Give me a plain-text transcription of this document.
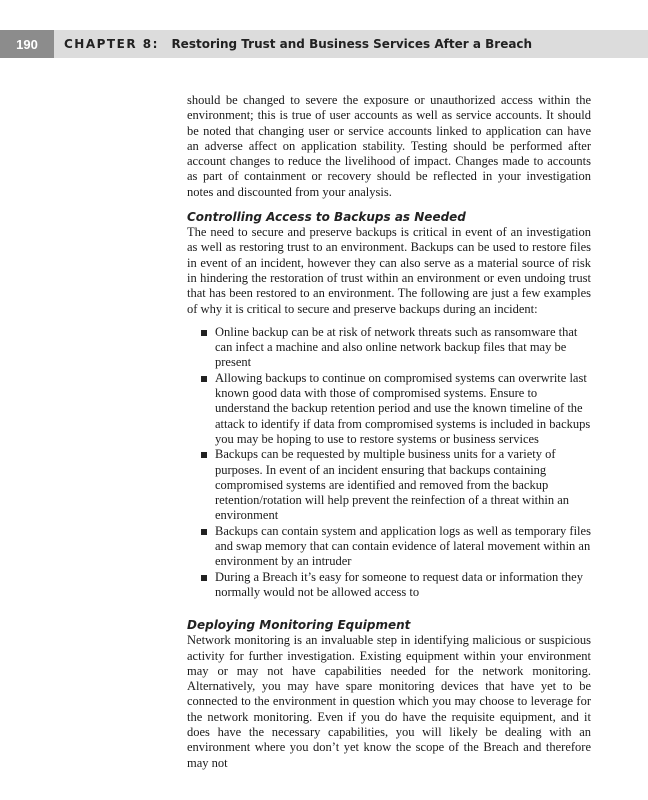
190	CHAPTER 8: Restoring Trust and Business Services After a Breach

should be changed to severe the exposure or unauthorized access within the environment; this is true of user accounts as well as service accounts. It should be noted that changing user or service accounts linked to application can have an adverse affect on application stability. Testing should be performed after account changes to reduce the livelihood of impact. Changes made to accounts as part of containment or recovery should be reflected in your investigation notes and discounted from your analysis.

Controlling Access to Backups as Needed

The need to secure and preserve backups is critical in event of an investigation as well as restoring trust to an environment. Backups can be used to restore files in event of an incident, however they can also serve as a material source of risk in hindering the restoration of trust within an environment or even undoing trust that has been restored to an environment. The following are just a few examples of why it is critical to secure and preserve backups during an incident:

Online backup can be at risk of network threats such as ransomware that can infect a machine and also online network backup files that may be present
Allowing backups to continue on compromised systems can overwrite last known good data with those of compromised systems. Ensure to understand the backup retention period and use the known timeline of the attack to identify if data from compromised systems is included in backups you may be hoping to use to restore systems or business services
Backups can be requested by multiple business units for a variety of purposes. In event of an incident ensuring that backups containing compromised systems are identified and removed from the backup retention/rotation will help prevent the reinfection of a threat within an environment
Backups can contain system and application logs as well as temporary files and swap memory that can contain evidence of lateral movement within an environment by an intruder
During a Breach it’s easy for someone to request data or information they normally would not be allowed access to
Deploying Monitoring Equipment

Network monitoring is an invaluable step in identifying malicious or suspicious activity for further investigation. Existing equipment within your environment may or may not have capabilities needed for the network monitoring. Alternatively, you may have spare monitoring devices that have yet to be connected to the environment in question which you may choose to leverage for the network monitoring. Even if you do have the requisite equipment, and it does have the necessary capabilities, you will likely be dealing with an environment where you don’t yet know the scope of the Breach and therefore may not
